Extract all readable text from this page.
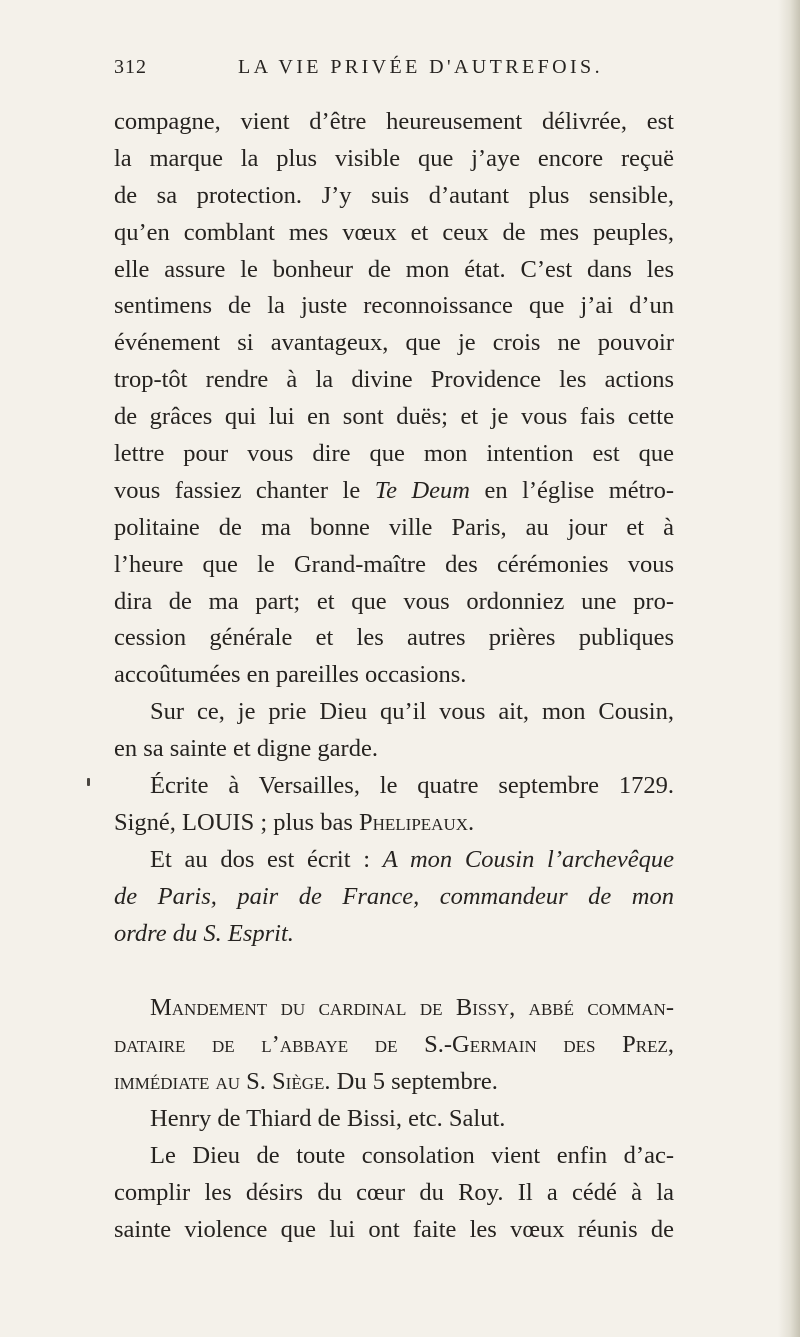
312	LA VIE PRIVÉE D'AUTREFOIS.
compagne, vient d’être heureusement délivrée, est
la marque la plus visible que j’aye encore reçuë
de sa protection. J’y suis d’autant plus sensible,
qu’en comblant mes vœux et ceux de mes peuples,
elle assure le bonheur de mon état. C’est dans les
sentimens de la juste reconnoissance que j’ai d’un
événement si avantageux, que je crois ne pouvoir
trop-tôt rendre à la divine Providence les actions
de grâces qui lui en sont duës; et je vous fais cette
lettre pour vous dire que mon intention est que
vous fassiez chanter le Te Deum en l’église métro-
politaine de ma bonne ville Paris, au jour et à
l’heure que le Grand-maître des cérémonies vous
dira de ma part; et que vous ordonniez une pro-
cession générale et les autres prières publiques
accoûtumées en pareilles occasions.
Sur ce, je prie Dieu qu’il vous ait, mon Cousin,
en sa sainte et digne garde.
Écrite à Versailles, le quatre septembre 1729.
Signé, LOUIS ; plus bas Phelipeaux.
Et au dos est écrit : A mon Cousin l’archevêque
de Paris, pair de France, commandeur de mon
ordre du S. Esprit.
Mandement du cardinal de Bissy, abbé comman-
dataire de l’abbaye de S.-Germain des Prez,
immédiate au S. Siège. Du 5 septembre.
Henry de Thiard de Bissi, etc. Salut.
Le Dieu de toute consolation vient enfin d’ac-
complir les désirs du cœur du Roy. Il a cédé à la
sainte violence que lui ont faite les vœux réunis de
